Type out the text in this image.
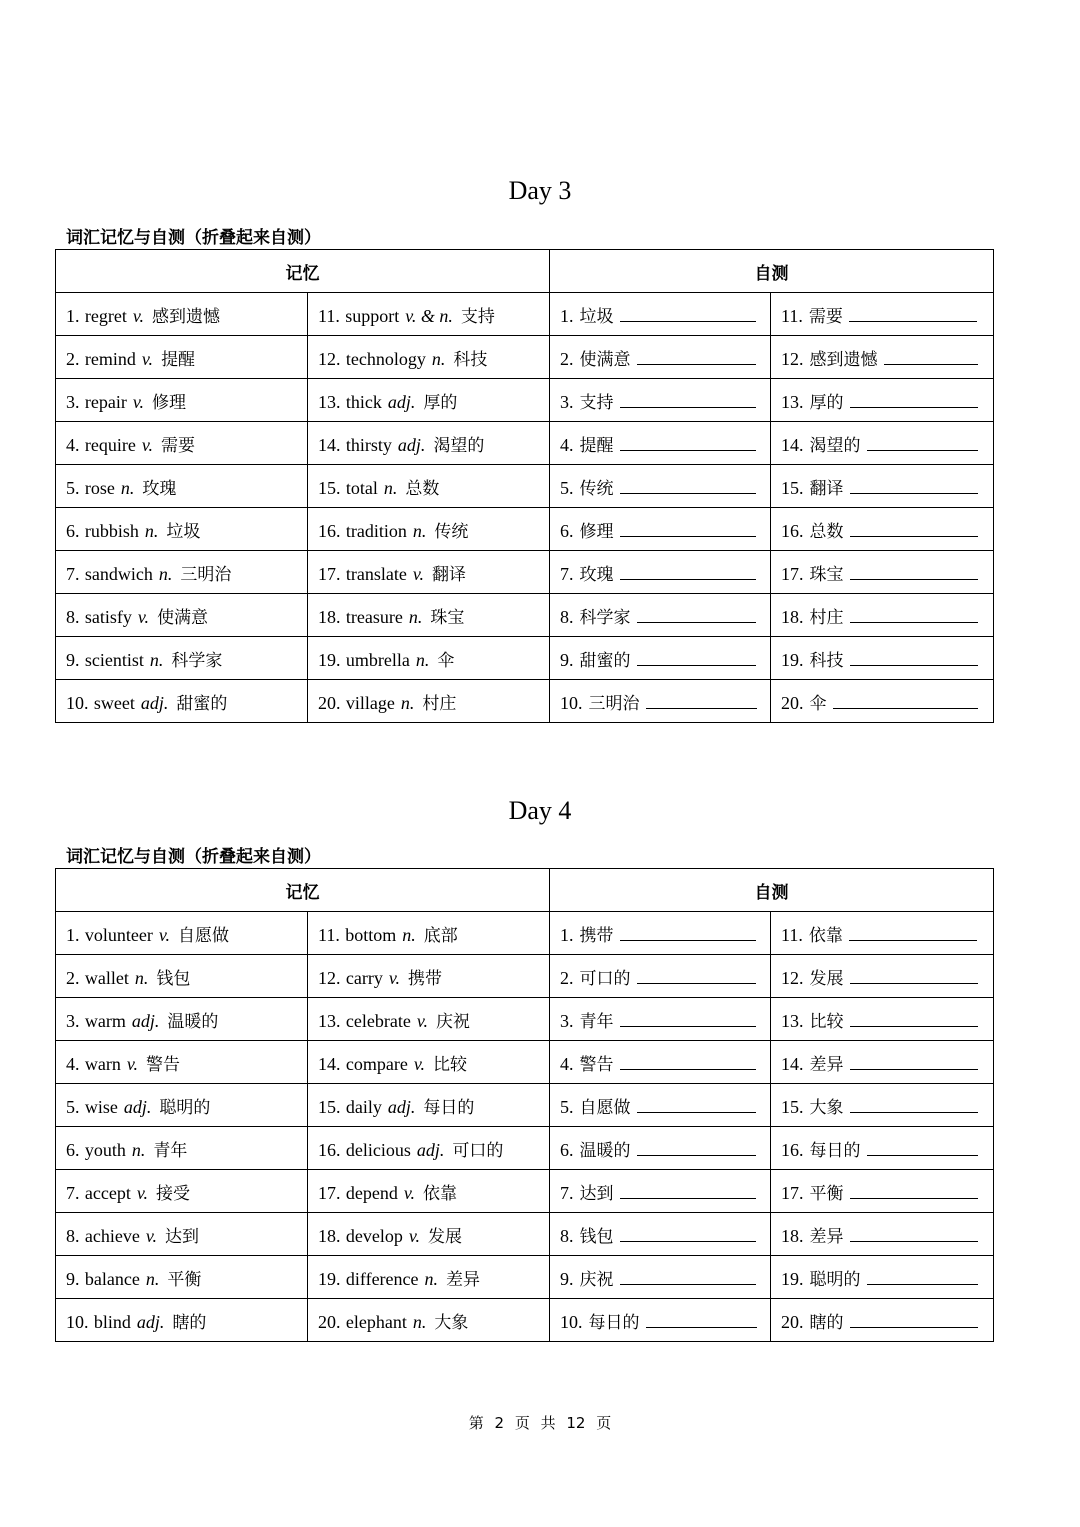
Day 3
词汇记忆与自测（折叠起来自测）
记忆		自测	
1. regret v. 感到遗憾	11. support v. & n. 支持	1. 垃圾	11. 需要
2. remind v. 提醒	12. technology n. 科技	2. 使满意	12. 感到遗憾
3. repair v. 修理	13. thick adj. 厚的	3. 支持	13. 厚的
4. require v. 需要	14. thirsty adj. 渴望的	4. 提醒	14. 渴望的
5. rose n. 玫瑰	15. total n. 总数	5. 传统	15. 翻译
6. rubbish n. 垃圾	16. tradition n. 传统	6. 修理	16. 总数
7. sandwich n. 三明治	17. translate v. 翻译	7. 玫瑰	17. 珠宝
8. satisfy v. 使满意	18. treasure n. 珠宝	8. 科学家	18. 村庄
9. scientist n. 科学家	19. umbrella n. 伞	9. 甜蜜的	19. 科技
10. sweet adj. 甜蜜的	20. village n. 村庄	10. 三明治	20. 伞
Day 4
词汇记忆与自测（折叠起来自测）
记忆		自测	
1. volunteer v. 自愿做	11. bottom n. 底部	1. 携带	11. 依靠
2. wallet n. 钱包	12. carry v. 携带	2. 可口的	12. 发展
3. warm adj. 温暖的	13. celebrate v. 庆祝	3. 青年	13. 比较
4. warn v. 警告	14. compare v. 比较	4. 警告	14. 差异
5. wise adj. 聪明的	15. daily adj. 每日的	5. 自愿做	15. 大象
6. youth n. 青年	16. delicious adj. 可口的	6. 温暖的	16. 每日的
7. accept v. 接受	17. depend v. 依靠	7. 达到	17. 平衡
8. achieve v. 达到	18. develop v. 发展	8. 钱包	18. 差异
9. balance n. 平衡	19. difference n. 差异	9. 庆祝	19. 聪明的
10. blind adj. 瞎的	20. elephant n. 大象	10. 每日的	20. 瞎的
第 2 页 共 12 页
